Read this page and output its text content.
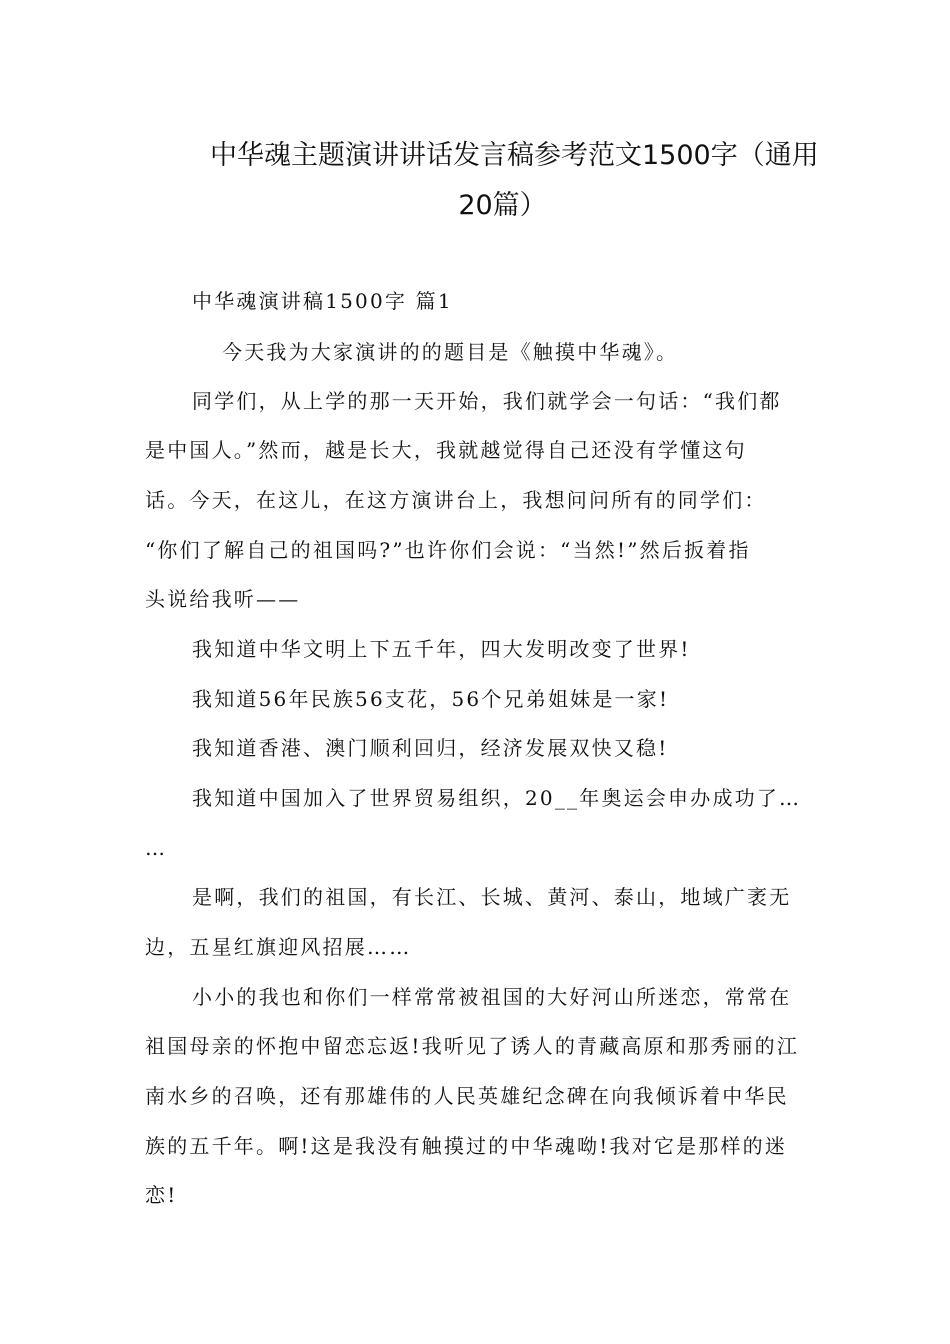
中华魂主题演讲讲话发言稿参考范文1500字（通用
20篇）
中华魂演讲稿1500字 篇1
今天我为大家演讲的的题目是《触摸中华魂》。
同学们，从上学的那一天开始，我们就学会一句话：“我们都
是中国人。”然而，越是长大，我就越觉得自己还没有学懂这句
话。今天，在这儿，在这方演讲台上，我想问问所有的同学们：
“你们了解自己的祖国吗?”也许你们会说：“当然!”然后扳着指
头说给我听——
我知道中华文明上下五千年，四大发明改变了世界!
我知道56年民族56支花，56个兄弟姐妹是一家!
我知道香港、澳门顺利回归，经济发展双快又稳!
我知道中国加入了世界贸易组织，20__年奥运会申办成功了…
…
是啊，我们的祖国，有长江、长城、黄河、泰山，地域广袤无
边，五星红旗迎风招展……
小小的我也和你们一样常常被祖国的大好河山所迷恋，常常在
祖国母亲的怀抱中留恋忘返!我听见了诱人的青藏高原和那秀丽的江
南水乡的召唤，还有那雄伟的人民英雄纪念碑在向我倾诉着中华民
族的五千年。啊!这是我没有触摸过的中华魂呦!我对它是那样的迷
恋!
